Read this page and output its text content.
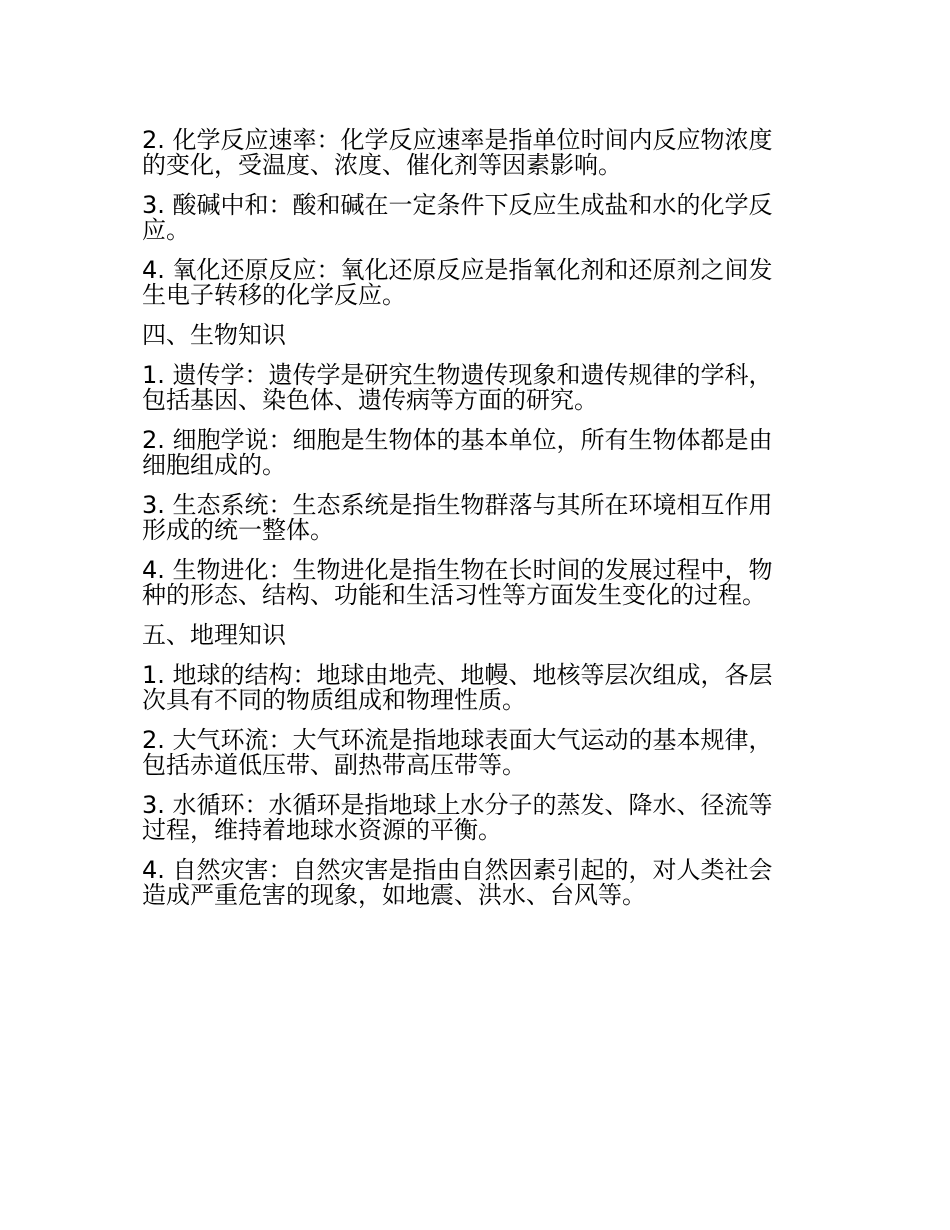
2. 化学反应速率：化学反应速率是指单位时间内反应物浓度的变化，受温度、浓度、催化剂等因素影响。

3. 酸碱中和：酸和碱在一定条件下反应生成盐和水的化学反应。

4. 氧化还原反应：氧化还原反应是指氧化剂和还原剂之间发生电子转移的化学反应。

四、生物知识

1. 遗传学：遗传学是研究生物遗传现象和遗传规律的学科，包括基因、染色体、遗传病等方面的研究。

2. 细胞学说：细胞是生物体的基本单位，所有生物体都是由细胞组成的。

3. 生态系统：生态系统是指生物群落与其所在环境相互作用形成的统一整体。

4. 生物进化：生物进化是指生物在长时间的发展过程中，物种的形态、结构、功能和生活习性等方面发生变化的过程。

五、地理知识

1. 地球的结构：地球由地壳、地幔、地核等层次组成，各层次具有不同的物质组成和物理性质。

2. 大气环流：大气环流是指地球表面大气运动的基本规律，包括赤道低压带、副热带高压带等。

3. 水循环：水循环是指地球上水分子的蒸发、降水、径流等过程，维持着地球水资源的平衡。

4. 自然灾害：自然灾害是指由自然因素引起的，对人类社会造成严重危害的现象，如地震、洪水、台风等。
